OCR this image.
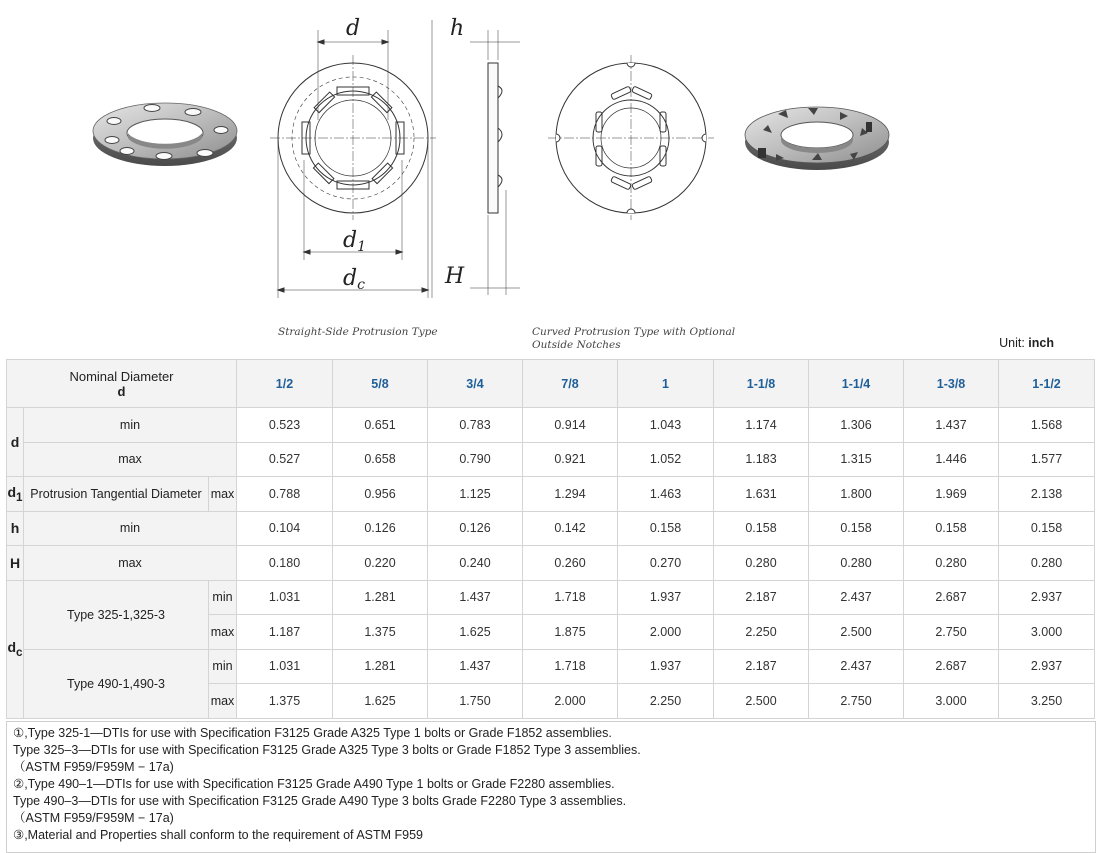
d
d1
dc
h
H
Straight-Side Protrusion Type	Curved Protrusion Type with Optional
Outside Notches	Unit: inch
Nominal Diameter
d			1/2	5/8	3/4	7/8	1	1-1/8	1-1/4	1-3/8	1-1/2
d	min		0.523	0.651	0.783	0.914	1.043	1.174	1.306	1.437	1.568
	max		0.527	0.658	0.790	0.921	1.052	1.183	1.315	1.446	1.577
$d_1$	Protrusion Tangential Diameter	max	0.788	0.956	1.125	1.294	1.463	1.631	1.800	1.969	2.138
h	min		0.104	0.126	0.126	0.142	0.158	0.158	0.158	0.158	0.158
H	max		0.180	0.220	0.240	0.260	0.270	0.280	0.280	0.280	0.280
$d_c$	Type 325-1,325-3	min	1.031	1.281	1.437	1.718	1.937	2.187	2.437	2.687	2.937
		max	1.187	1.375	1.625	1.875	2.000	2.250	2.500	2.750	3.000
	Type 490-1,490-3	min	1.031	1.281	1.437	1.718	1.937	2.187	2.437	2.687	2.937
		max	1.375	1.625	1.750	2.000	2.250	2.500	2.750	3.000	3.250
①,Type 325-1—DTIs for use with Specification F3125 Grade A325 Type 1 bolts or Grade F1852 assemblies.
Type 325–3—DTIs for use with Specification F3125 Grade A325 Type 3 bolts or Grade F1852 Type 3 assemblies.
（ASTM F959/F959M − 17a)
②,Type 490–1—DTIs for use with Specification F3125 Grade A490 Type 1 bolts or Grade F2280 assemblies.
Type 490–3—DTIs for use with Specification F3125 Grade A490 Type 3 bolts Grade F2280 Type 3 assemblies.
（ASTM F959/F959M − 17a)
③,Material and Properties shall conform to the requirement of ASTM F959
